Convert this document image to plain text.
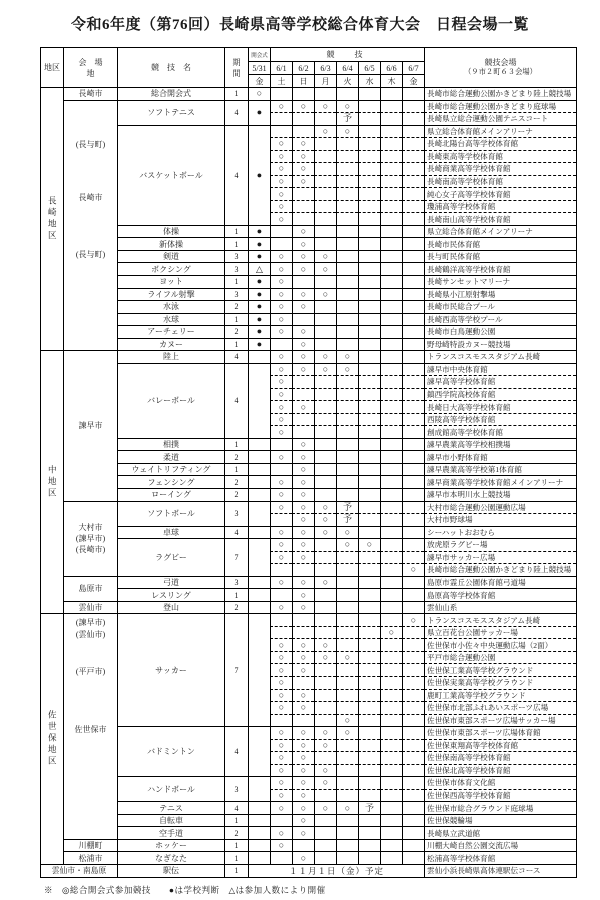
令和6年度（第76回）長崎県高等学校総合体育大会　日程会場一覧
地区	会　場
地	競　技　名	期
間	開会式	競　技							競技会場
（９市２町６３会場）
				5/31	6/1	6/2	6/3	6/4	6/5	6/6	6/7	
				金	土	日	月	火	水	木	金	

長崎地区	長崎市	総合開会式	1	○								長崎市総合運動公園かきどまり陸上競技場

	(長与町)
長崎市
(長与町)	ソフトテニス	4	●	○	○	○	○				長崎市総合運動公園かきどまり庭球場
								予				長崎県立総合運動公園テニスコート
		バスケットボール	4	●			○	○				県立総合体育館メインアリーナ
					○	○						長崎北陽台高等学校体育館
					○	○						長崎東高等学校体育館
					○	○						長崎商業高等学校体育館
					○	○						長崎南高等学校体育館
					○							純心女子高等学校体育館
					○							瓊浦高等学校体育館
					○							長崎南山高等学校体育館
		体操	1	●		○						県立総合体育館メインアリーナ
		新体操	1	●		○						長崎市民体育館
		剣道	3	●	○	○	○					長与町民体育館
		ボクシング	3	△	○	○	○					長崎鶴洋高等学校体育館
		ヨット	1	●	○							長崎サンセットマリーナ
		ライフル射撃	3	●	○	○	○					長崎県小江原射撃場
		水泳	2	●	○	○						長崎市民総合プール
		水球	1	●	○							長崎西高等学校プール
		アーチェリー	2	●	○	○						長崎市白鳥運動公園
		カヌー	1	●		○						野母崎特設カヌー競技場

中地区	諫早市	陸上	4		○	○	○	○				トランスコスモススタジアム長崎
		バレーボール	4		○	○	○	○				諫早市中央体育館
					○							諫早高等学校体育館
					○							鎮西学院高校体育館
					○	○						長崎日大高等学校体育館
					○							西陵高等学校体育館
					○							創成館高等学校体育館
		相撲	1			○						諫早農業高等学校相撲場
		柔道	2		○	○						諫早市小野体育館
		ウェイトリフティング	1			○						諫早農業高等学校第1体育館
		フェンシング	2		○	○						諫早商業高等学校体育館メインアリーナ
		ローイング	2		○	○						諫早市本明川水上競技場

	大村市
(諫早市)
(長崎市)	ソフトボール	3		○	○	○	予				大村市総合運動公園運動広場
						○	○	予				大村市野球場
		卓球	4		○	○	○	○				シーハットおおむら
		ラグビー	7		○	○		○	○			放虎原ラグビー場
					○	○						諫早市サッカー広場
											○	長崎市総合運動公園かきどまり陸上競技場

	島原市	弓道	3		○	○	○					島原市霊丘公園体育館弓道場
		レスリング	1			○						島原高等学校体育館

	雲仙市	登山	2		○	○						雲仙山系

佐世保地区	(諫早市)
(雲仙市)
(平戸市)
佐世保市	サッカー	7								○	トランスコスモススタジアム長崎
										○		県立百花台公園サッカー場
					○	○	○					佐世保市小佐々中央運動広場（2面）
					○	○	○	○				平戸市総合運動公園
					○	○						佐世保工業高等学校グラウンド
					○							佐世保実業高等学校グラウンド
					○	○						鹿町工業高等学校グラウンド
					○	○						佐世保市北部ふれあいスポーツ広場
								○				佐世保市東部スポーツ広場サッカー場
		バドミントン	4		○	○	○	○				佐世保市東部スポーツ広場体育館
					○	○	○					佐世保東翔高等学校体育館
					○	○						佐世保南高等学校体育館
					○	○	○					佐世保北高等学校体育館
		ハンドボール	3		○	○	○					佐世保市体育文化館
					○	○						佐世保西高等学校体育館
		テニス	4		○	○	○	○	予			佐世保市総合グラウンド庭球場
		自転車	1			○						佐世保競輪場
		空手道	2		○	○						長崎県立武道館

	川棚町	ホッケー	1		○							川棚大崎自然公園交流広場

	松浦市	なぎなた	1			○						松浦高等学校体育館
雲仙市・南島原		駅伝	1	１１月１日（金）予定								雲仙小浜長崎県高体連駅伝コース
※　◎総合開会式参加競技　　●は学校判断　△は参加人数により開催
